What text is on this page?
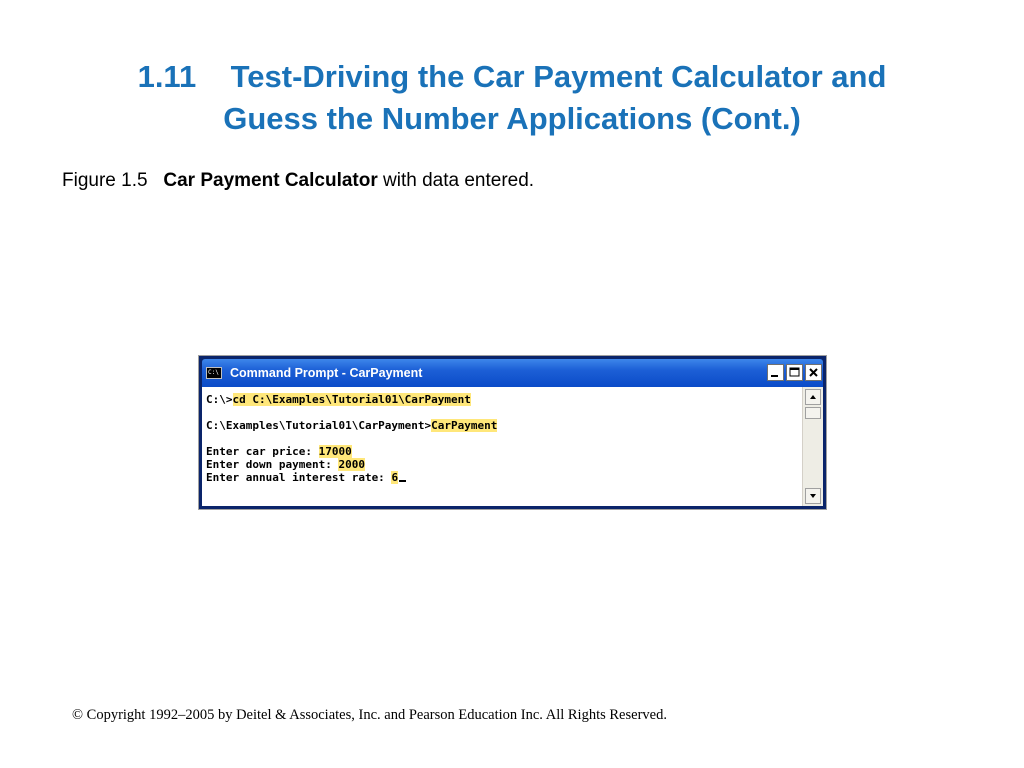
1.11    Test-Driving the Car Payment Calculator and
Guess the Number Applications (Cont.)
Figure 1.5 Car Payment Calculator with data entered.
C:\ Command Prompt - CarPayment
C:\>cd C:\Examples\Tutorial01\CarPayment
C:\Examples\Tutorial01\CarPayment>CarPayment
Enter car price: 17000
Enter down payment: 2000
Enter annual interest rate: 6
© Copyright 1992–2005 by Deitel & Associates, Inc. and Pearson Education Inc. All Rights Reserved.
